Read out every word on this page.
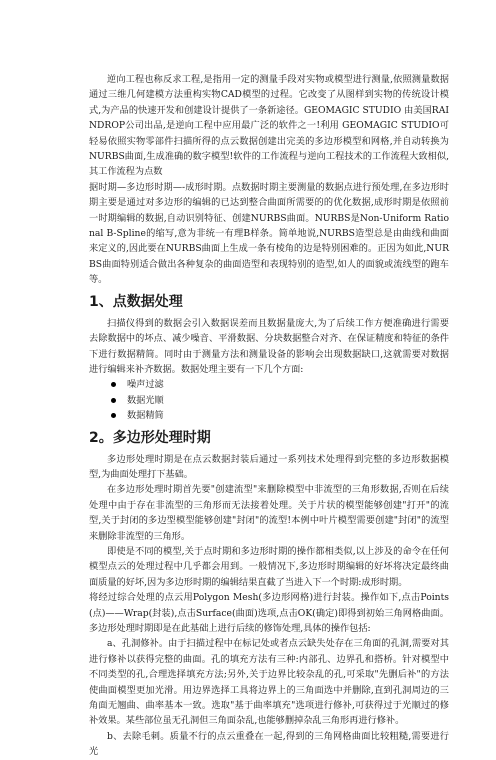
逆向工程也称反求工程,是指用一定的测量手段对实物或模型进行测量,依照测量数据通过三维几何建模方法重构实物CAD模型的过程。它改变了从图样到实物的传统设计模式,为产品的快速开发和创建设计提供了一条新途径。GEOMAGIC STUDIO 由美国RAINDROP公司出品,是逆向工程中应用最广泛的软件之一!利用 GEOMAGIC STUDIO可轻易依照实物零部件扫描所得的点云数据创建出完美的多边形模型和网格,并自动转换为NURBS曲面,生成准确的数字模型!软件的工作流程与逆向工程技术的工作流程大致相似,其工作流程为点数

据时期—多边形时期—-成形时期。点数据时期主要测量的数据点进行预处理,在多边形时期主要是通过对多边形的编辑的已达到整合曲面所需要的的优化数据,成形时期是依照前一时期编辑的数据,自动识别特征、创建NURBS曲面。NURBS是Non-Uniform Rational B-Spline的缩写,意为非统一有理B样条。简单地说,NURBS造型总是由曲线和曲面来定义的,因此要在NURBS曲面上生成一条有棱角的边是特别困难的。正因为如此,NURBS曲面特别适合做出各种复杂的曲面造型和表现特别的造型,如人的面貌或流线型的跑车等。

1、点数据处理

扫描仪得到的数据会引入数据误差而且数据量庞大,为了后续工作方便准确进行需要去除数据中的坏点、减少噪音、平滑数据、分块数据整合对齐、在保证精度和特征的条件下进行数据精简。同时由于测量方法和测量设备的影响会出现数据缺口,这就需要对数据进行编辑来补齐数据。数据处理主要有一下几个方面:

噪声过滤
数据光顺
数据精简
2。多边形处理时期

多边形处理时期是在点云数据封装后通过一系列技术处理得到完整的多边形数据模型,为曲面处理打下基础。

在多边形处理时期首先要"创建流型"来删除模型中非流型的三角形数据,否则在后续处理中由于存在非流型的三角形而无法接着处理。关于片状的模型能够创建"打开"的流型,关于封闭的多边型模型能够创建"封闭"的流型!本例中叶片模型需要创建"封闭"的流型来删除非流型的三角形。

即使是不同的模型,关于点时期和多边形时期的操作都相类似,以上涉及的命令在任何模型点云的处理过程中几乎都会用到。一般情况下,多边形时期编辑的好坏将决定最终曲面质量的好坏,因为多边形时期的编辑结果直截了当进入下一个时期:成形时期。

将经过综合处理的点云用Polygon Mesh(多边形网格)进行封装。操作如下,点击Points(点)——Wrap(封装),点击Surface(曲面)选项,点击OK(确定)即得到初始三角网格曲面。多边形处理时期即是在此基础上进行后续的修饰处理,具体的操作包括:

a、孔洞修补。由于扫描过程中在标记处或者点云缺失处存在三角面的孔洞,需要对其进行修补以获得完整的曲面。孔的填充方法有三种:内部孔、边界孔和搭桥。针对模型中不同类型的孔,合理选择填充方法;另外,关于边界比较杂乱的孔,可采取"先删后补"的方法使曲面模型更加光滑。用边界选择工具将边界上的三角面选中并删除,直到孔洞周边的三角面无翘曲、曲率基本一致。选取"基于曲率填充"选项进行修补,可获得过于光顺过的修补效果。某些部位虽无孔洞但三角面杂乱,也能够删掉杂乱三角形再进行修补。

b、去除毛刺。质量不行的点云重叠在一起,得到的三角网格曲面比较粗糙,需要进行光
